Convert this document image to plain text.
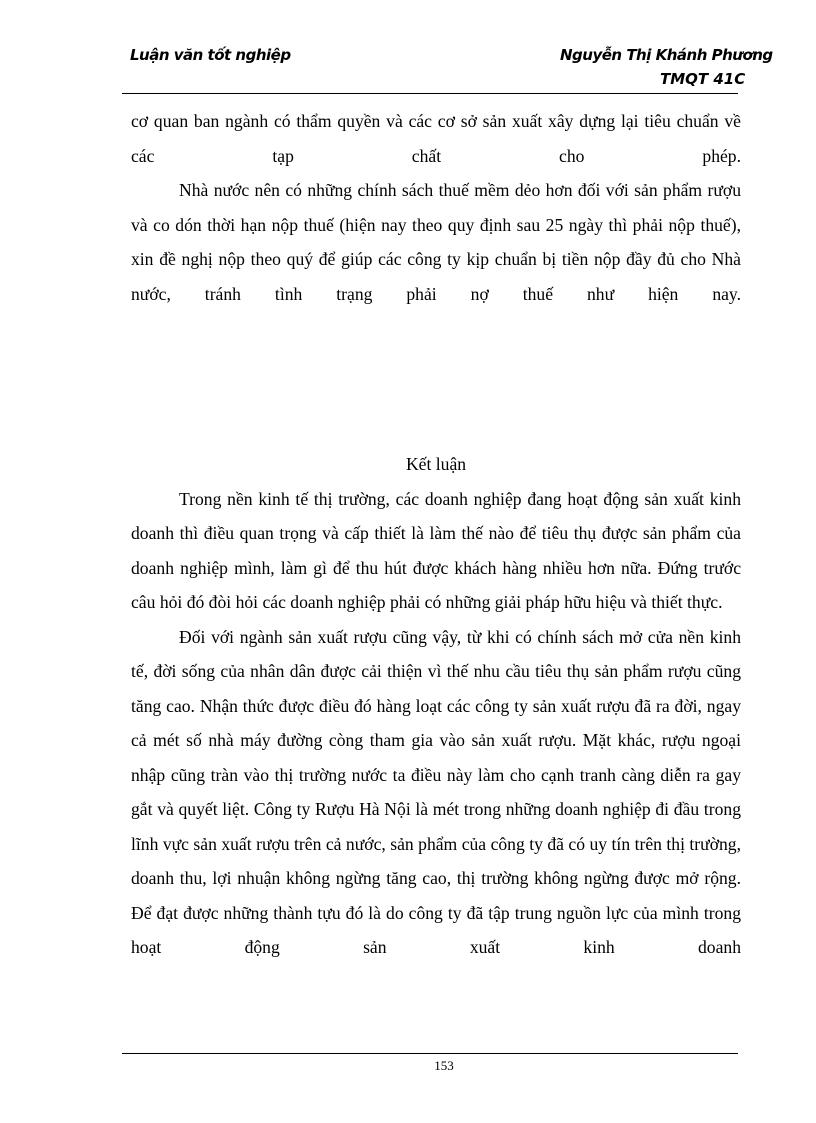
Luận văn tốt nghiệp	Nguyễn Thị Khánh Phương
TMQT 41C

cơ quan ban ngành có thẩm quyền và các cơ sở sản xuất xây dựng lại tiêu chuẩn về các tạp chất cho phép.

Nhà nước nên có những chính sách thuế mềm dẻo hơn đối với sản phẩm rượu và co dón thời hạn nộp thuế (hiện nay theo quy định sau 25 ngày thì phải nộp thuế), xin đề nghị nộp theo quý để giúp các công ty kịp chuẩn bị tiền nộp đầy đủ cho Nhà nước, tránh tình trạng phải nợ thuế như hiện nay.

Kết luận

Trong nền kinh tế thị trường, các doanh nghiệp đang hoạt động sản xuất kinh doanh thì điều quan trọng và cấp thiết là làm thế nào để tiêu thụ được sản phẩm của doanh nghiệp mình, làm gì để thu hút được khách hàng nhiều hơn nữa. Đứng trước câu hỏi đó đòi hỏi các doanh nghiệp phải có những giải pháp hữu hiệu và thiết thực.

Đối với ngành sản xuất rượu cũng vậy, từ khi có chính sách mở cửa nền kinh tế, đời sống của nhân dân được cải thiện vì thế nhu cầu tiêu thụ sản phẩm rượu cũng tăng cao. Nhận thức được điều đó hàng loạt các công ty sản xuất rượu đã ra đời, ngay cả mét số nhà máy đường còng tham gia vào sản xuất rượu. Mặt khác, rượu ngoại nhập cũng tràn vào thị trường nước ta điều này làm cho cạnh tranh càng diễn ra gay gắt và quyết liệt. Công ty Rượu Hà Nội là mét trong những doanh nghiệp đi đầu trong lĩnh vực sản xuất rượu trên cả nước, sản phẩm của công ty đã có uy tín trên thị trường, doanh thu, lợi nhuận không ngừng tăng cao, thị trường không ngừng được mở rộng. Để đạt được những thành tựu đó là do công ty đã tập trung nguồn lực của mình trong hoạt động sản xuất kinh doanh

153
